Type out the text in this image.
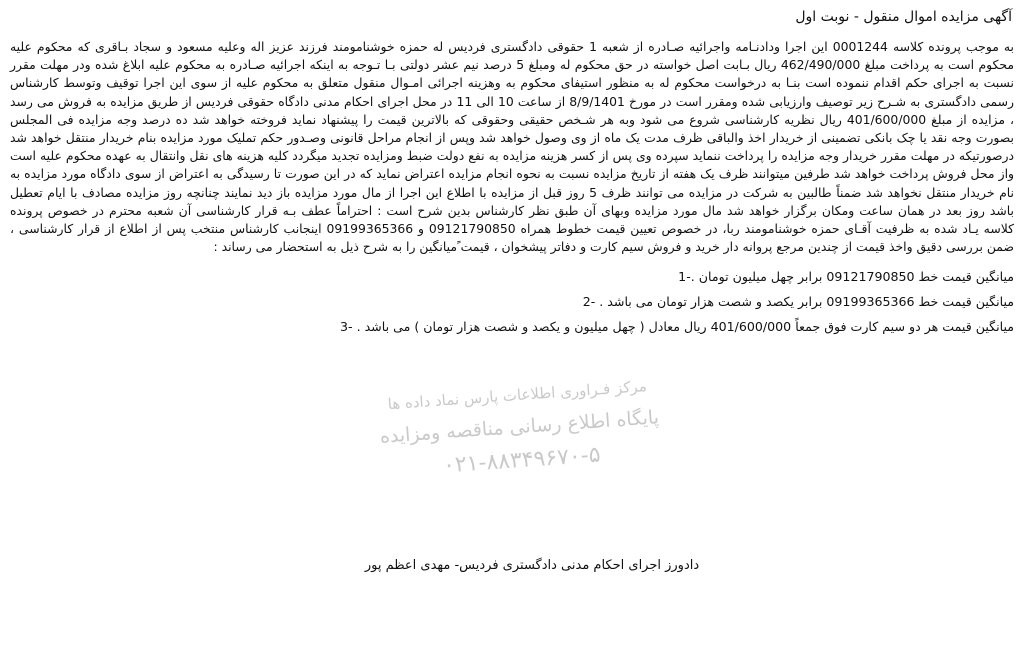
آگهی مزایده اموال منقول - نوبت اول
به موجب پرونده کلاسه 0001244 این اجرا ودادنـامه واجرائیه صـادره از شعبه 1 حقوقی دادگستری فردیس له حمزه خوشنامومند فرزند عزیز اله وعلیه مسعود و سجاد بـاقری که محکوم علیه محکوم است به پرداخت مبلغ 462/490/000 ریال بـابت اصل خواسته در حق محکوم له ومبلغ 5 درصد نیم عشر دولتی بـا تـوجه به اینکه اجرائیه صـادره به محکوم علیه ابلاغ شده ودر مهلت مقرر نسبت به اجرای حکم اقدام ننموده است بنـا به درخواست محکوم له به منظور استیفای محکوم به وهزینه اجرائی امـوال منقول متعلق به محکوم علیه از سوی این اجرا توقیف وتوسط کارشناس رسمی دادگستری به شـرح زیر توصیف وارزیابی شده ومقرر است در مورخ 8/9/1401 از ساعت 10 الی 11 در محل اجرای احکام مدنی دادگاه حقوقی فردیس از طریق مزایده به فروش می رسد ، مزایده از مبلغ 401/600/000 ریال نظریه کارشناسی شروع می شود وبه هر شـخص حقیقی وحقوقی که بالاترین قیمت را پیشنهاد نماید فروخته خواهد شد ده درصد وجه مزایده فی المجلس بصورت وجه نقد یا چک بانکی تضمینی از خریدار اخذ والباقی ظرف مدت یک ماه از وی وصول خواهد شد وپس از انجام مراحل قانونی وصـدور حکم تملیک مورد مزایده بنام خریدار منتقل خواهد شد درصورتیکه در مهلت مقرر خریدار وجه مزایده را پرداخت ننماید سپرده وی پس از کسر هزینه مزایده به نفع دولت ضبط ومزایده تجدید میگردد کلیه هزینه های نقل وانتقال به عهده محکوم علیه است واز محل فروش پرداخت خواهد شد طرفین میتوانند ظرف یک هفته از تاریخ مزایده نسبت به نحوه انجام مزایده اعتراض نماید که در این صورت تا رسیدگی به اعتراض از سوی دادگاه مورد مزایده به نام خریدار منتقل نخواهد شد ضمناً طالبین به شرکت در مزایده می توانند ظرف 5 روز قبل از مزایده با اطلاع این اجرا از مال مورد مزایده باز دید نمایند چنانچه روز مزایده مصادف با ایام تعطیل باشد روز بعد در همان ساعت ومکان برگزار خواهد شد مال مورد مزایده وبهای آن طبق نظر کارشناس بدین شرح است : احتراماً عطف بـه قرار کارشناسی آن شعبه محترم در خصوص پرونده کلاسه یـاد شده به ظرفیت آقـای حمزه خوشنامومند ربا، در خصوص تعیین قیمت خطوط همراه 09121790850 و 09199365366 اینجانب کارشناس منتخب پس از اطلاع از قرار کارشناسی ، ضمن بررسی دقیق واخذ قیمت از چندین مرجع پروانه دار خرید و فروش سیم کارت و دفاتر پیشخوان ، قیمت ًمیانگین را به شرح ذیل به استحضار می رساند :
میانگین قیمت خط 09121790850 برابر چهل میلیون تومان .-1
میانگین قیمت خط 09199365366 برابر یکصد و شصت هزار تومان می باشد . -2
میانگین قیمت هر دو سیم کارت فوق جمعاً 401/600/000 ریال معادل ( چهل میلیون و یکصد و شصت هزار تومان ) می باشد . -3
دادورز اجرای احکام مدنی دادگستری فردیس- مهدی اعظم پور
مرکز فـراوری اطلاعات پارس نماد داده ها
پایگاه اطلاع رسانی مناقصه ومزایده
۰۲۱-۸۸۳۴۹۶۷۰-۵
